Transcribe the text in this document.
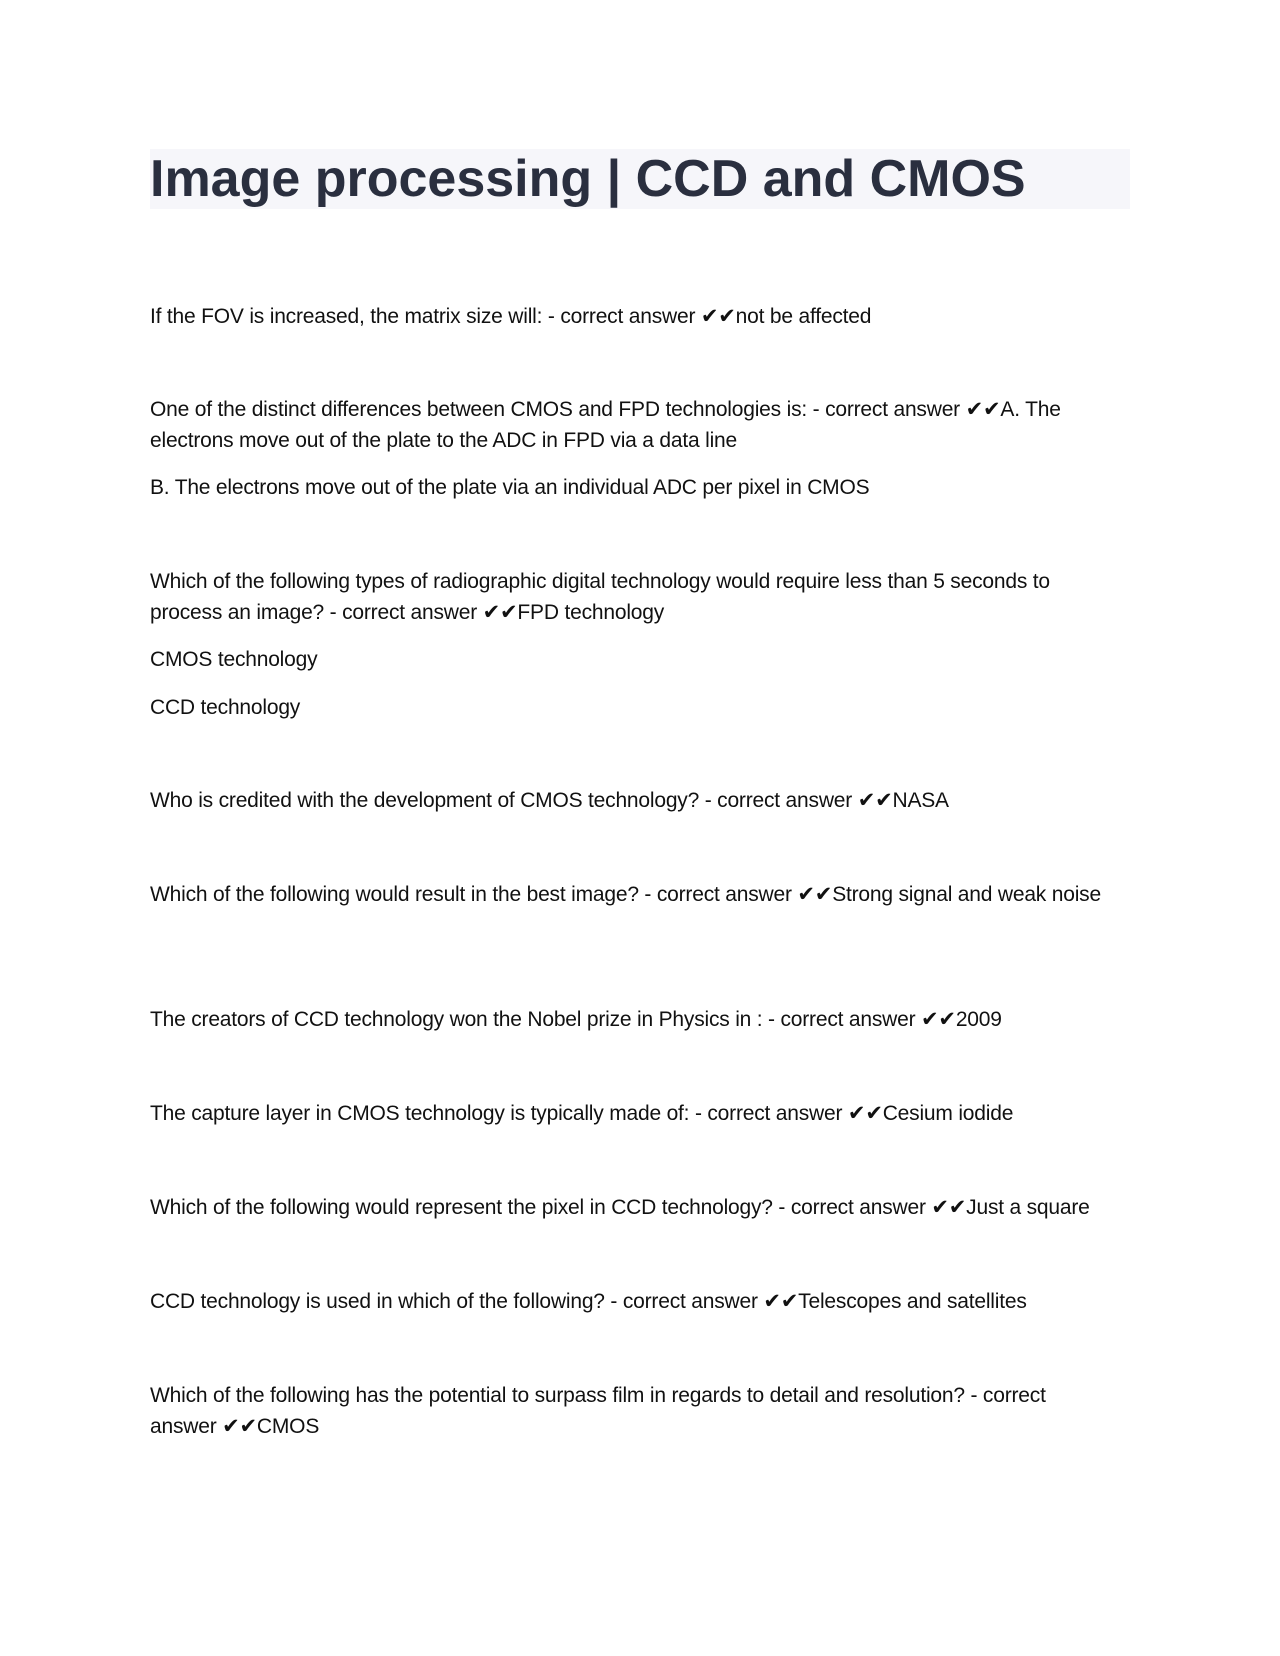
Image processing | CCD and CMOS

If the FOV is increased, the matrix size will: - correct answer ✔✔not be affected

One of the distinct differences between CMOS and FPD technologies is: - correct answer ✔✔A. The electrons move out of the plate to the ADC in FPD via a data line

B. The electrons move out of the plate via an individual ADC per pixel in CMOS

Which of the following types of radiographic digital technology would require less than 5 seconds to process an image? - correct answer ✔✔FPD technology

CMOS technology

CCD technology

Who is credited with the development of CMOS technology? - correct answer ✔✔NASA

Which of the following would result in the best image? - correct answer ✔✔Strong signal and weak noise

The creators of CCD technology won the Nobel prize in Physics in : - correct answer ✔✔2009

The capture layer in CMOS technology is typically made of: - correct answer ✔✔Cesium iodide

Which of the following would represent the pixel in CCD technology? - correct answer ✔✔Just a square

CCD technology is used in which of the following? - correct answer ✔✔Telescopes and satellites

Which of the following has the potential to surpass film in regards to detail and resolution? - correct answer ✔✔CMOS
